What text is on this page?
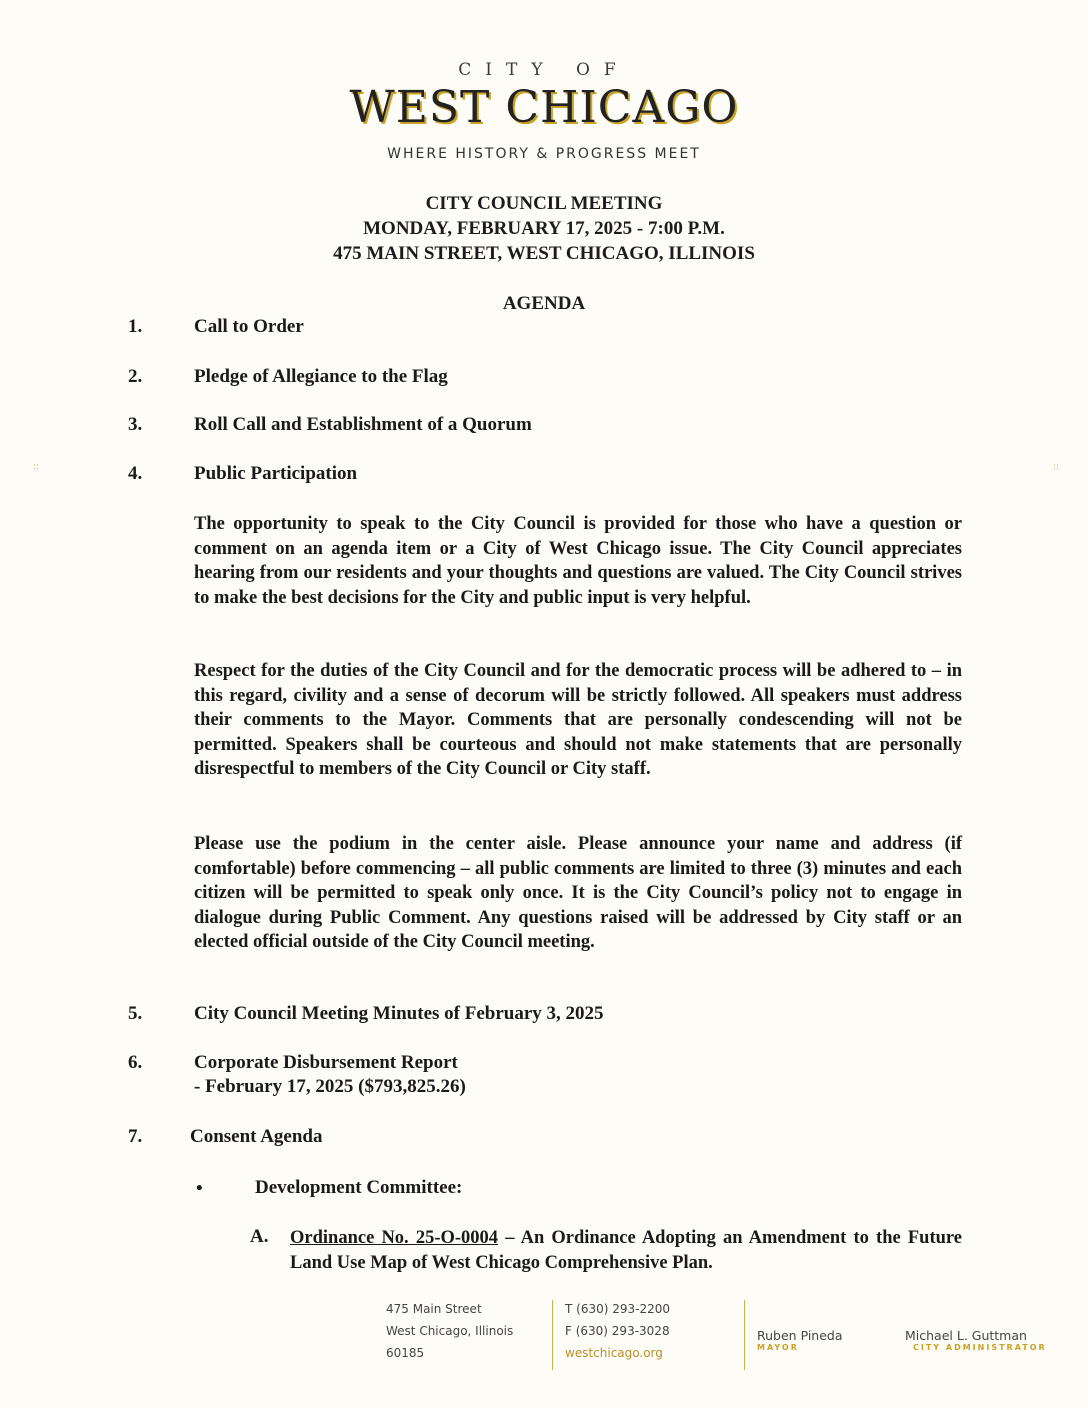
CITY OF
WEST CHICAGO
WHERE HISTORY & PROGRESS MEET
CITY COUNCIL MEETING
MONDAY, FEBRUARY 17, 2025 - 7:00 P.M.
475 MAIN STREET, WEST CHICAGO, ILLINOIS
AGENDA
::	::
1.	Call to Order
2.	Pledge of Allegiance to the Flag
3.	Roll Call and Establishment of a Quorum
4.	Public Participation
The opportunity to speak to the City Council is provided for those who have a question or comment on an agenda item or a City of West Chicago issue. The City Council appreciates hearing from our residents and your thoughts and questions are valued. The City Council strives to make the best decisions for the City and public input is very helpful.
Respect for the duties of the City Council and for the democratic process will be adhered to – in this regard, civility and a sense of decorum will be strictly followed. All speakers must address their comments to the Mayor. Comments that are personally condescending will not be permitted. Speakers shall be courteous and should not make statements that are personally disrespectful to members of the City Council or City staff.
Please use the podium in the center aisle. Please announce your name and address (if comfortable) before commencing – all public comments are limited to three (3) minutes and each citizen will be permitted to speak only once. It is the City Council’s policy not to engage in dialogue during Public Comment. Any questions raised will be addressed by City staff or an elected official outside of the City Council meeting.
5.	City Council Meeting Minutes of February 3, 2025
6.	Corporate Disbursement Report
- February 17, 2025 ($793,825.26)
7.	Consent Agenda
•	Development Committee:
A. Ordinance No. 25-O-0004 – An Ordinance Adopting an Amendment to the Future Land Use Map of West Chicago Comprehensive Plan.
475 Main Street
West Chicago, Illinois
60185
T (630) 293-2200
F (630) 293-3028
westchicago.org
Ruben Pineda
MAYOR
Michael L. Guttman
CITY ADMINISTRATOR
